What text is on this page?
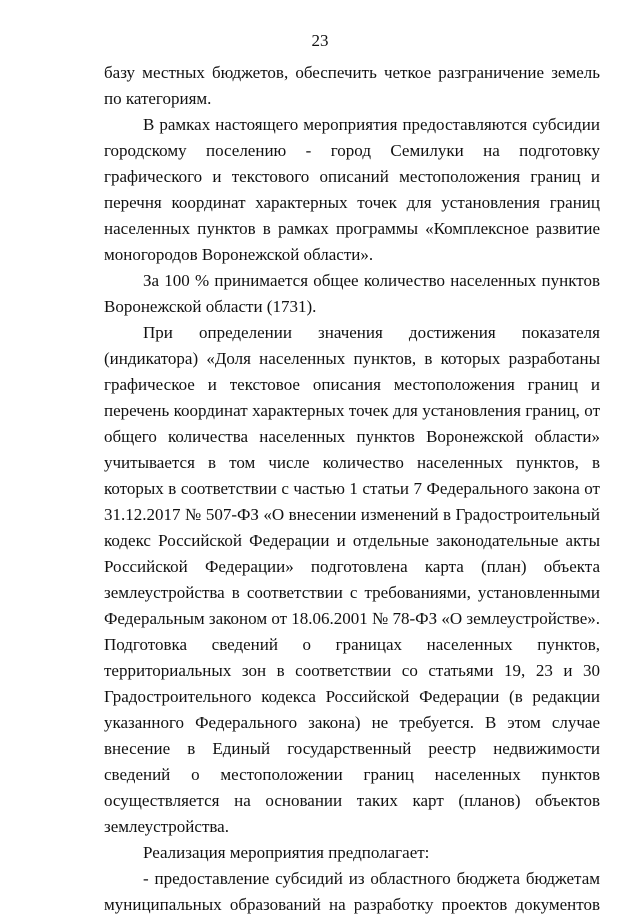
23

базу местных бюджетов, обеспечить четкое разграничение земель по категориям.

В рамках настоящего мероприятия предоставляются субсидии городскому поселению - город Семилуки на подготовку графического и текстового описаний местоположения границ и перечня координат характерных точек для установления границ населенных пунктов в рамках программы «Комплексное развитие моногородов Воронежской области».

За 100 % принимается общее количество населенных пунктов Воронежской области (1731).

При определении значения достижения показателя (индикатора) «Доля населенных пунктов, в которых разработаны графическое и текстовое описания местоположения границ и перечень координат характерных точек для установления границ, от общего количества населенных пунктов Воронежской области» учитывается в том числе количество населенных пунктов, в которых в соответствии с частью 1 статьи 7 Федерального закона от 31.12.2017 № 507-ФЗ «О внесении изменений в Градостроительный кодекс Российской Федерации и отдельные законодательные акты Российской Федерации» подготовлена карта (план) объекта землеустройства в соответствии с требованиями, установленными Федеральным законом от 18.06.2001 № 78-ФЗ «О землеустройстве». Подготовка сведений о границах населенных пунктов, территориальных зон в соответствии со статьями 19, 23 и 30 Градостроительного кодекса Российской Федерации (в редакции указанного Федерального закона) не требуется. В этом случае внесение в Единый государственный реестр недвижимости сведений о местоположении границ населенных пунктов осуществляется на основании таких карт (планов) объектов землеустройства.

Реализация мероприятия предполагает:

- предоставление субсидий из областного бюджета бюджетам муниципальных образований на разработку проектов документов
